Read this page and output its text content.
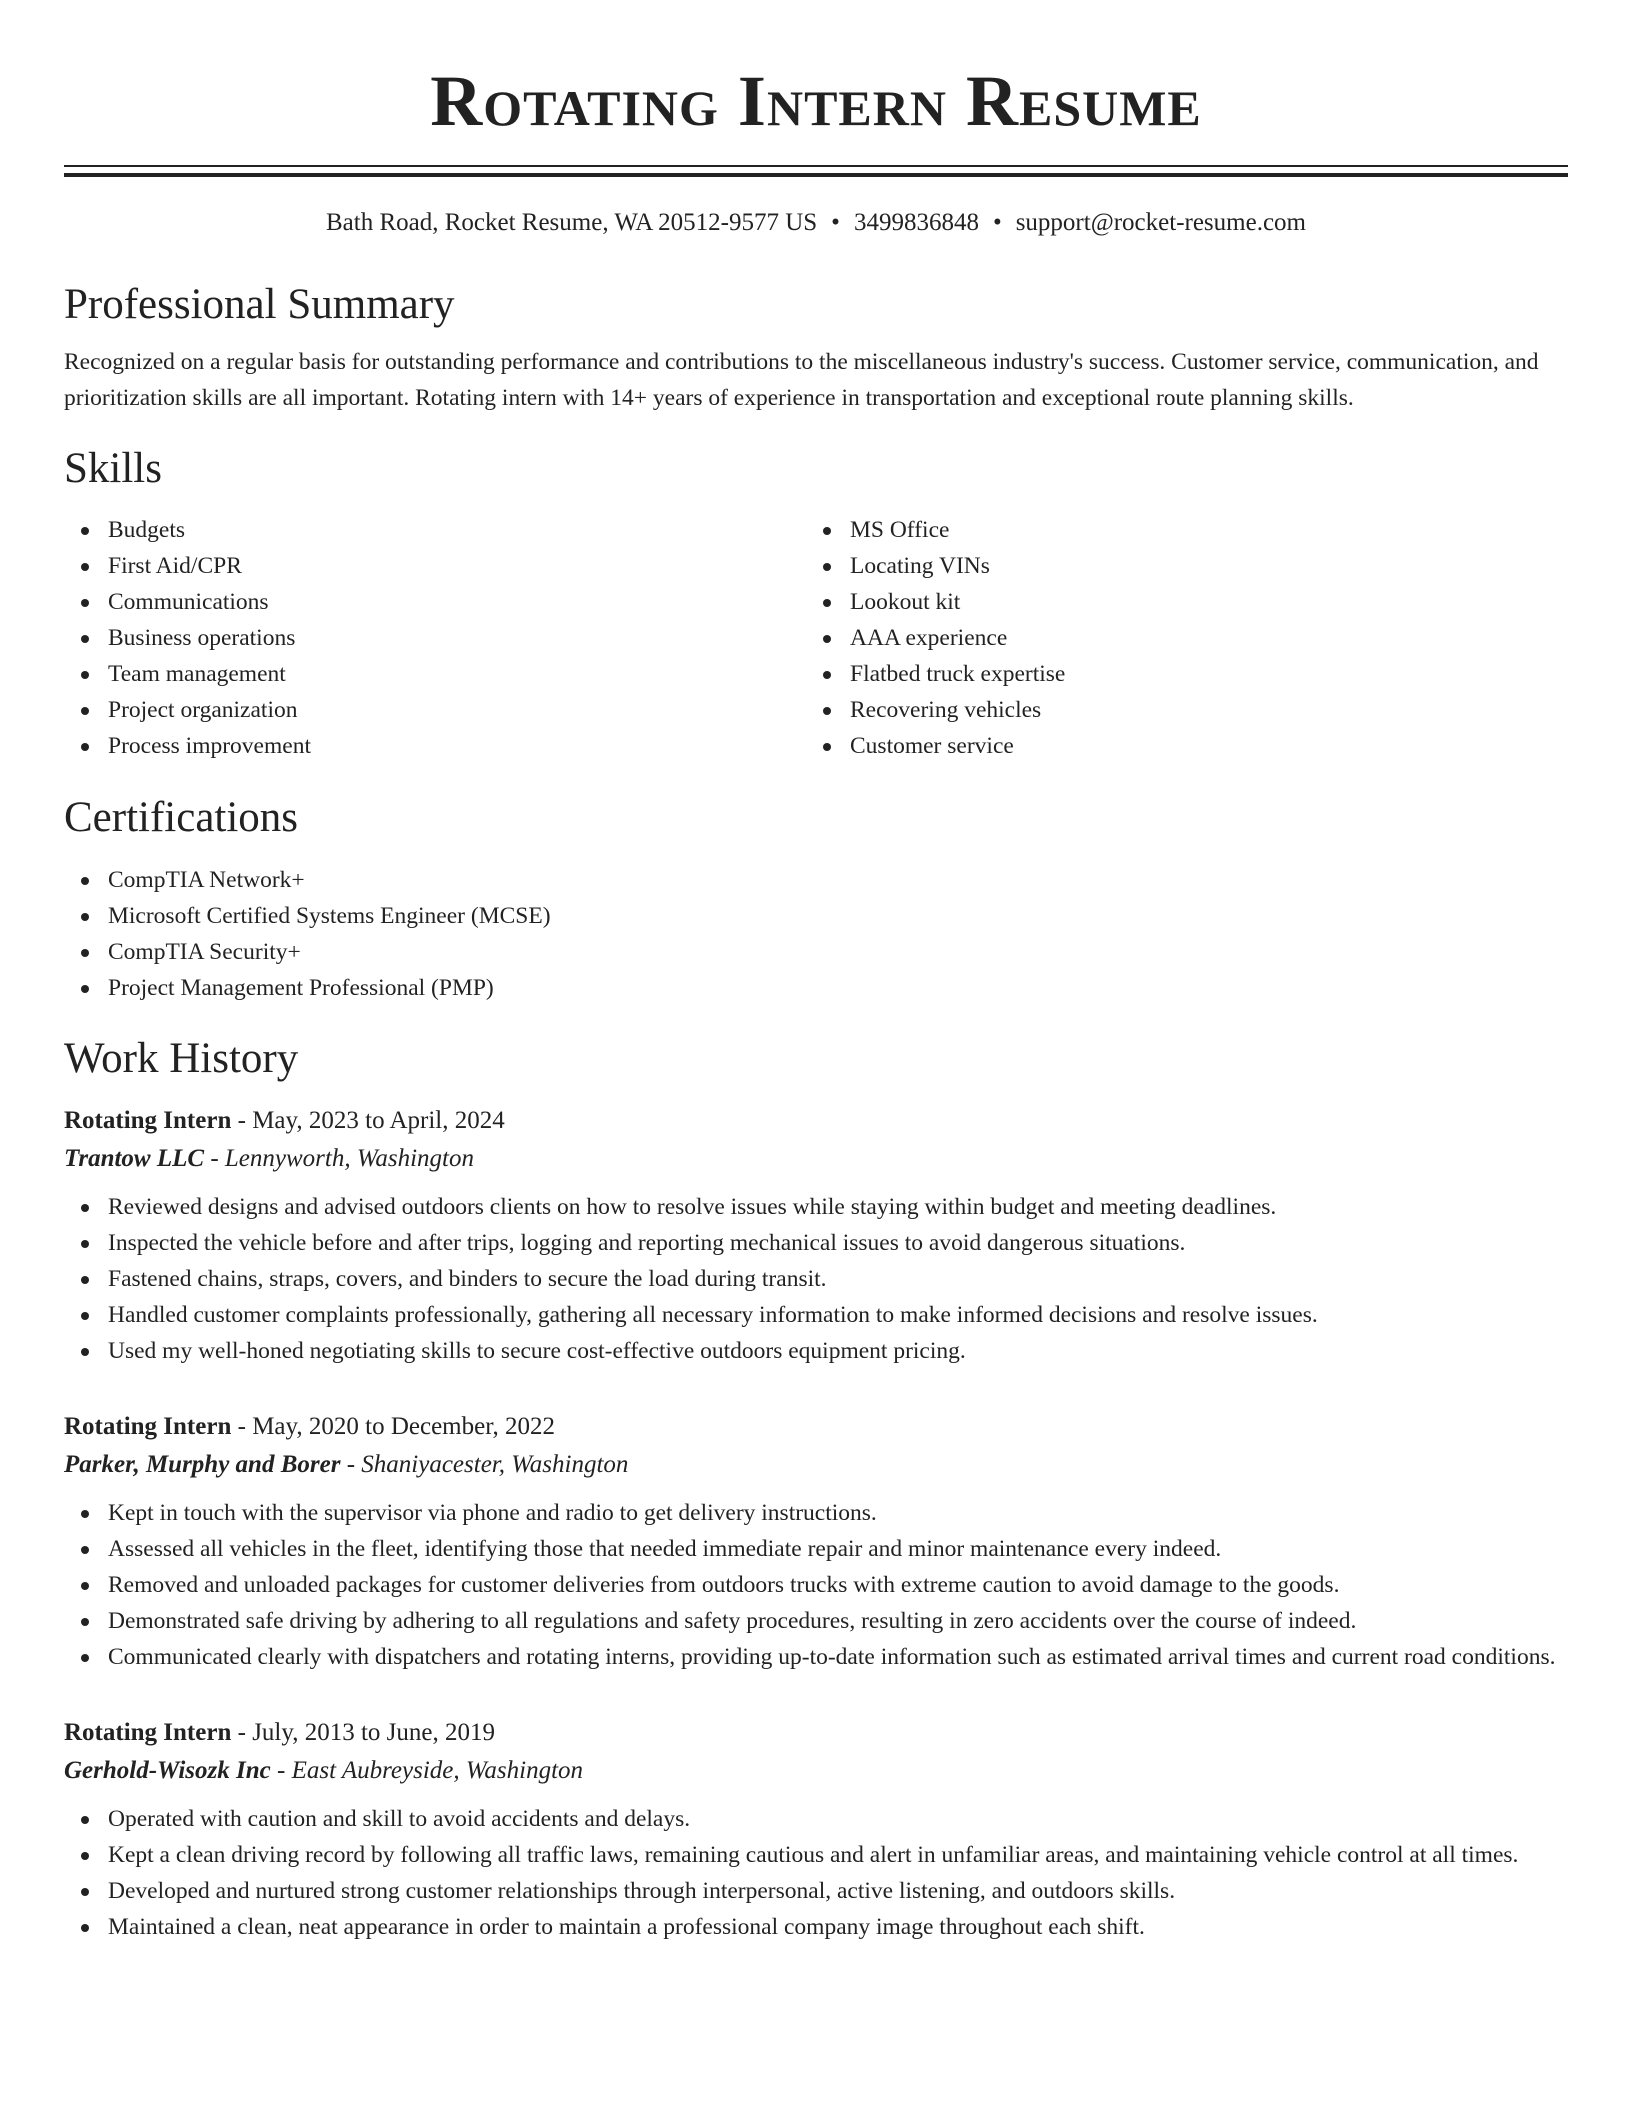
Rotating Intern Resume
Bath Road, Rocket Resume, WA 20512-9577 US • 3499836848 • support@rocket-resume.com
Professional Summary

Recognized on a regular basis for outstanding performance and contributions to the miscellaneous industry's success. Customer service, communication, and prioritization skills are all important. Rotating intern with 14+ years of experience in transportation and exceptional route planning skills.

Skills
Budgets
First Aid/CPR
Communications
Business operations
Team management
Project organization
Process improvement
MS Office
Locating VINs
Lookout kit
AAA experience
Flatbed truck expertise
Recovering vehicles
Customer service
Certifications
CompTIA Network+
Microsoft Certified Systems Engineer (MCSE)
CompTIA Security+
Project Management Professional (PMP)
Work History
Rotating Intern - May, 2023 to April, 2024
Trantow LLC - Lennyworth, Washington
Reviewed designs and advised outdoors clients on how to resolve issues while staying within budget and meeting deadlines.
Inspected the vehicle before and after trips, logging and reporting mechanical issues to avoid dangerous situations.
Fastened chains, straps, covers, and binders to secure the load during transit.
Handled customer complaints professionally, gathering all necessary information to make informed decisions and resolve issues.
Used my well-honed negotiating skills to secure cost-effective outdoors equipment pricing.
Rotating Intern - May, 2020 to December, 2022
Parker, Murphy and Borer - Shaniyacester, Washington
Kept in touch with the supervisor via phone and radio to get delivery instructions.
Assessed all vehicles in the fleet, identifying those that needed immediate repair and minor maintenance every indeed.
Removed and unloaded packages for customer deliveries from outdoors trucks with extreme caution to avoid damage to the goods.
Demonstrated safe driving by adhering to all regulations and safety procedures, resulting in zero accidents over the course of indeed.
Communicated clearly with dispatchers and rotating interns, providing up-to-date information such as estimated arrival times and current road conditions.
Rotating Intern - July, 2013 to June, 2019
Gerhold-Wisozk Inc - East Aubreyside, Washington
Operated with caution and skill to avoid accidents and delays.
Kept a clean driving record by following all traffic laws, remaining cautious and alert in unfamiliar areas, and maintaining vehicle control at all times.
Developed and nurtured strong customer relationships through interpersonal, active listening, and outdoors skills.
Maintained a clean, neat appearance in order to maintain a professional company image throughout each shift.
